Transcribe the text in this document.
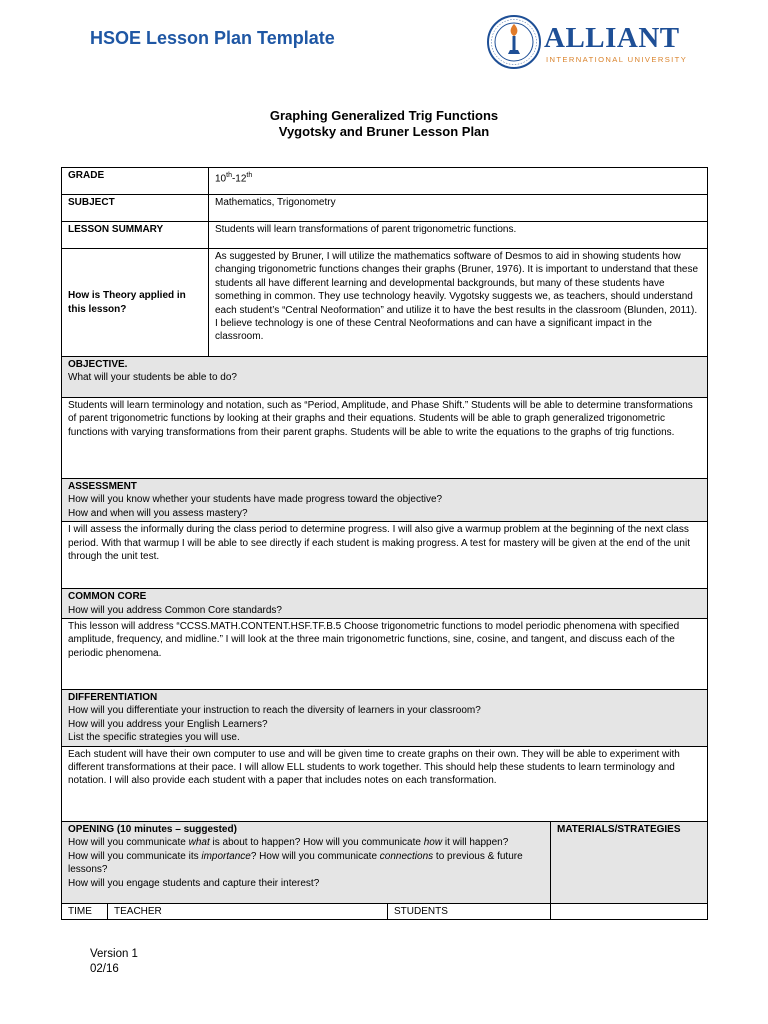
HSOE Lesson Plan Template	ALLIANT
INTERNATIONAL UNIVERSITY
Graphing Generalized Trig Functions
Vygotsky and Bruner Lesson Plan
GRADE	10th-12th
SUBJECT	Mathematics, Trigonometry
LESSON SUMMARY	Students will learn transformations of parent trigonometric functions.
How is Theory applied in this lesson?	As suggested by Bruner, I will utilize the mathematics software of Desmos to aid in showing students how changing trigonometric functions changes their graphs (Bruner, 1976). It is important to understand that these students all have different learning and developmental backgrounds, but many of these students have something in common. They use technology heavily. Vygotsky suggests we, as teachers, should understand each student’s “Central Neoformation” and utilize it to have the best results in the classroom (Blunden, 2011). I believe technology is one of these Central Neoformations and can have a significant impact in the classroom.

OBJECTIVE.
What will your students be able to do?	

Students will learn terminology and notation, such as “Period, Amplitude, and Phase Shift.” Students will be able to determine transformations of parent trigonometric functions by looking at their graphs and their equations. Students will be able to graph generalized trigonometric functions with varying transformations from their parent graphs. Students will be able to write the equations to the graphs of trig functions.	

ASSESSMENT
How will you know whether your students have made progress toward the objective?
How and when will you assess mastery?	

I will assess the informally during the class period to determine progress. I will also give a warmup problem at the beginning of the next class period. With that warmup I will be able to see directly if each student is making progress. A test for mastery will be given at the end of the unit through the unit test.	

COMMON CORE
How will you address Common Core standards?	

This lesson will address “CCSS.MATH.CONTENT.HSF.TF.B.5 Choose trigonometric functions to model periodic phenomena with specified amplitude, frequency, and midline.” I will look at the three main trigonometric functions, sine, cosine, and tangent, and discuss each of the periodic phenomena.	

DIFFERENTIATION
How will you differentiate your instruction to reach the diversity of learners in your classroom?
How will you address your English Learners?
List the specific strategies you will use.	

Each student will have their own computer to use and will be given time to create graphs on their own. They will be able to experiment with different transformations at their pace. I will allow ELL students to work together. This should help these students to learn terminology and notation. I will also provide each student with a paper that includes notes on each transformation.	
OPENING (10 minutes – suggested)
How will you communicate what is about to happen? How will you communicate how it will happen?
How will you communicate its importance? How will you communicate connections to previous & future lessons?
How will you engage students and capture their interest?			MATERIALS/STRATEGIES
TIME	TEACHER	STUDENTS	
Version 1
02/16
